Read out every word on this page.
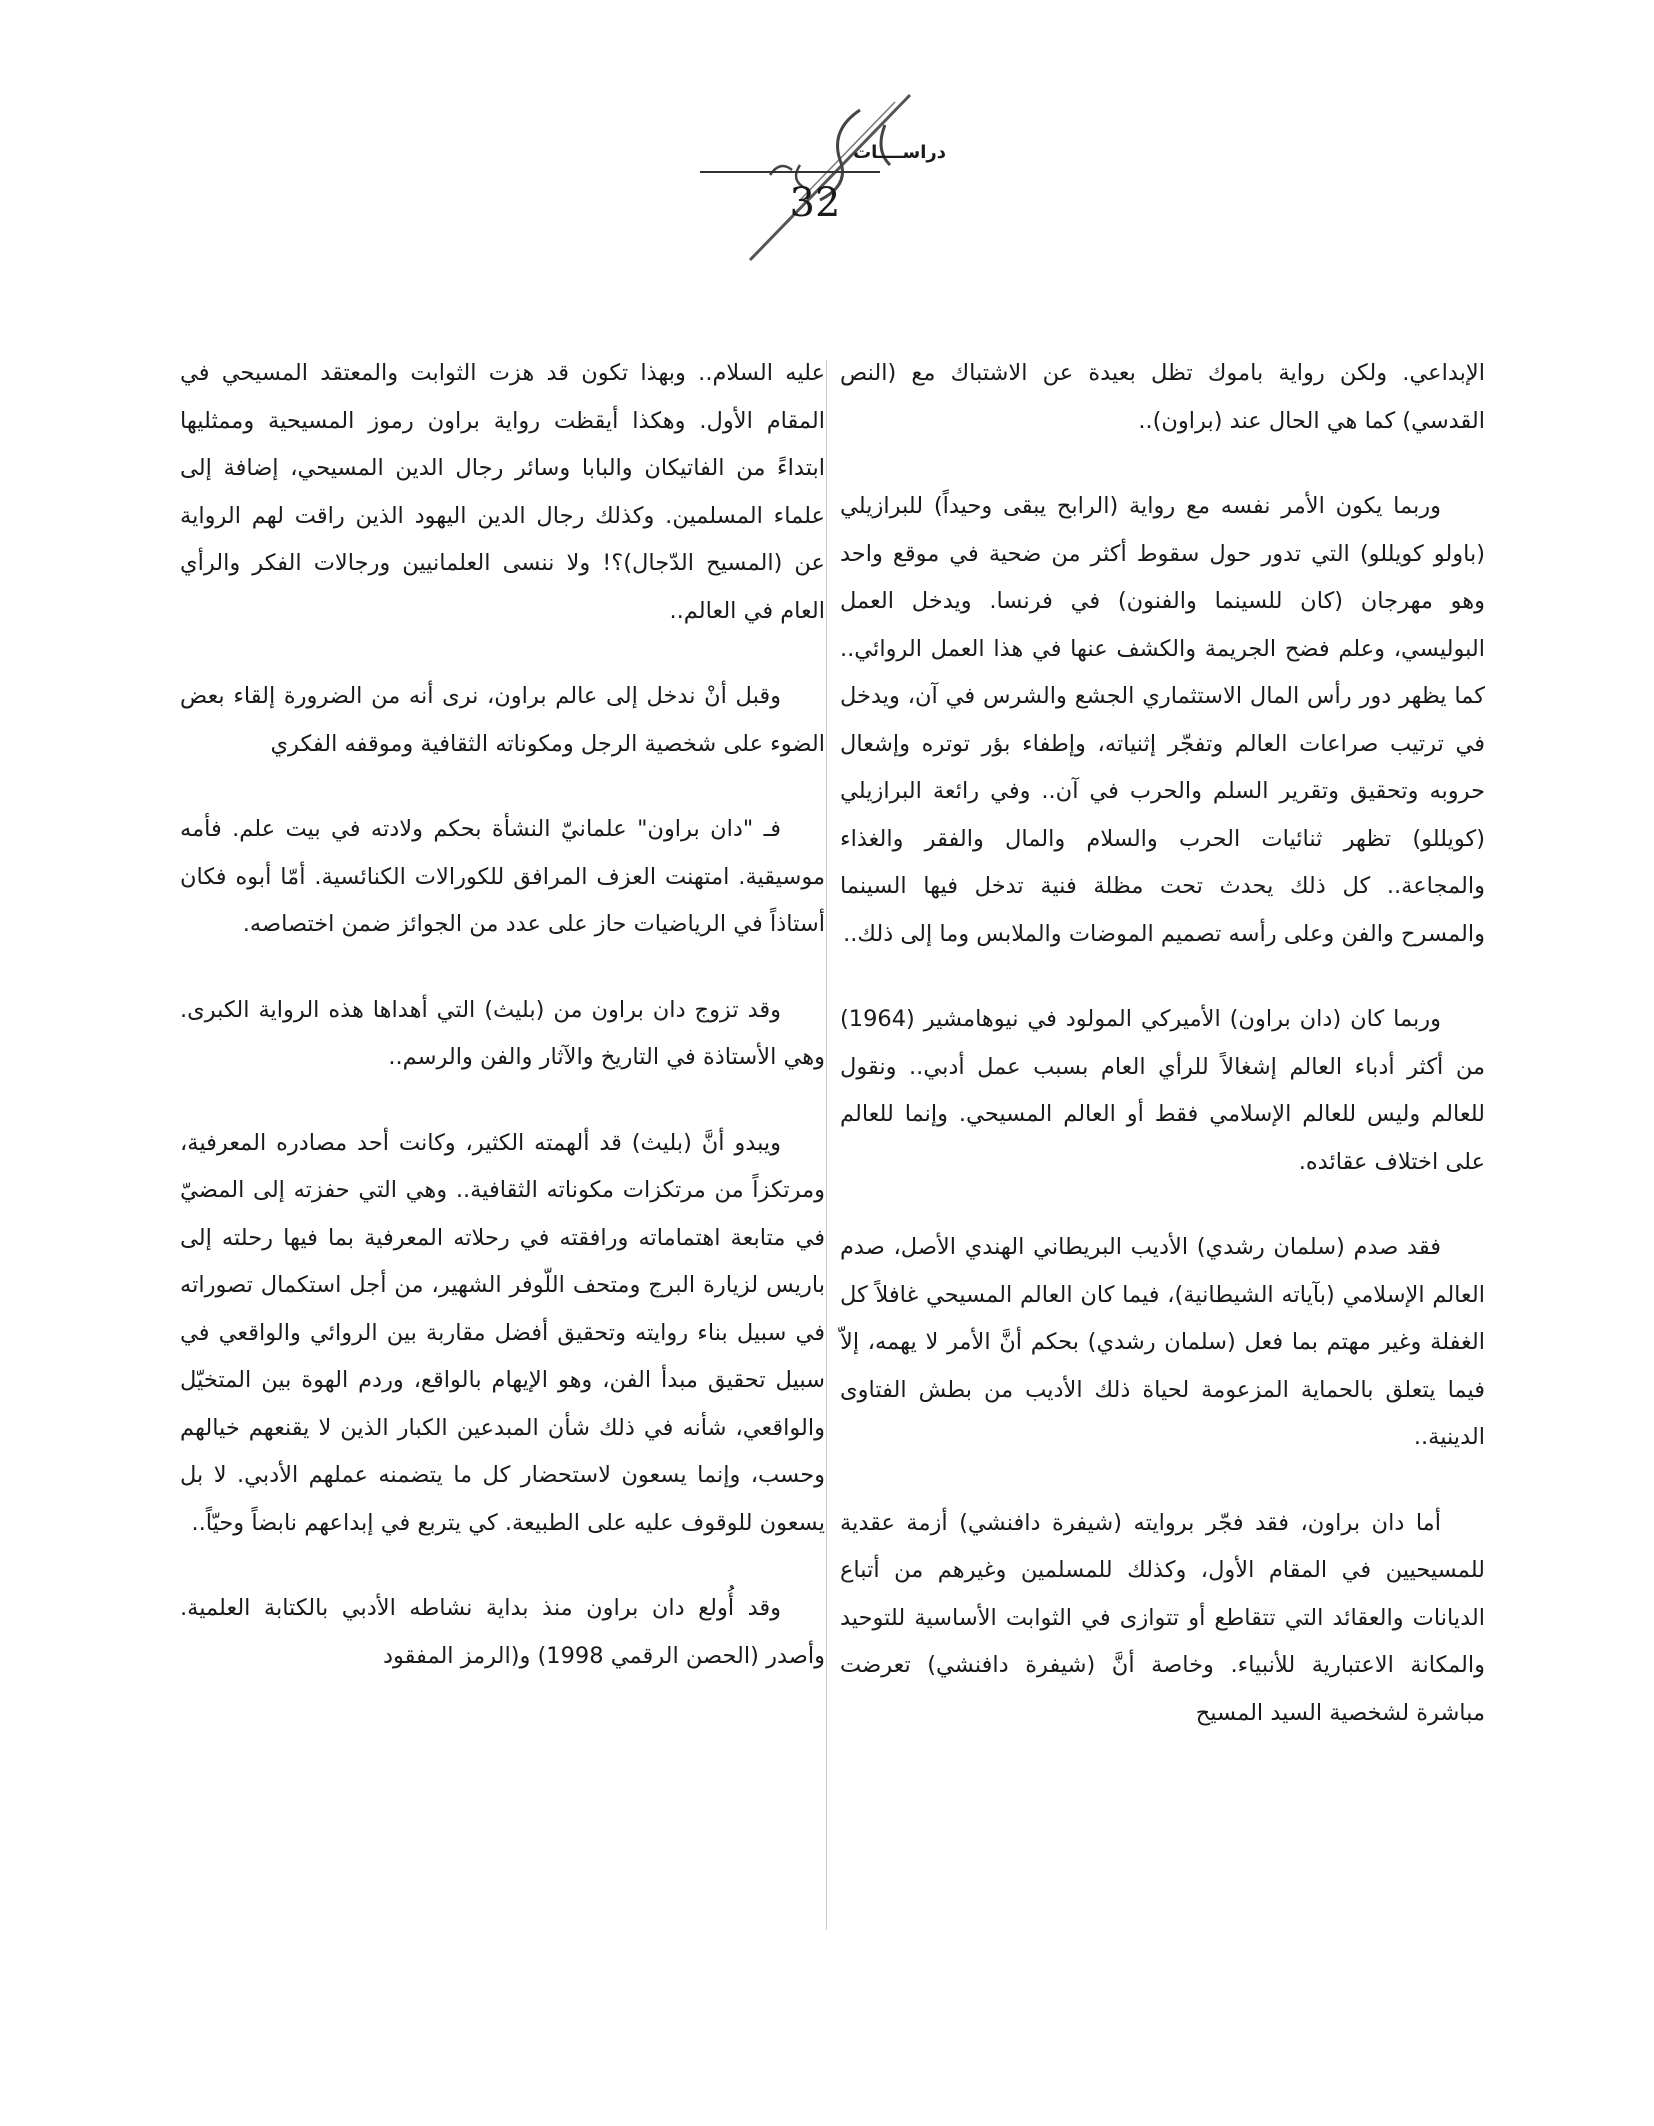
دراســــات
32

الإبداعي. ولكن رواية باموك تظل بعيدة عن الاشتباك مع (النص القدسي) كما هي الحال عند (براون)..

وربما يكون الأمر نفسه مع رواية (الرابح يبقى وحيداً) للبرازيلي (باولو كويللو) التي تدور حول سقوط أكثر من ضحية في موقع واحد وهو مهرجان (كان للسينما والفنون) في فرنسا. ويدخل العمل البوليسي، وعلم فضح الجريمة والكشف عنها في هذا العمل الروائي.. كما يظهر دور رأس المال الاستثماري الجشع والشرس في آن، ويدخل في ترتيب صراعات العالم وتفجّر إثنياته، وإطفاء بؤر توتره وإشعال حروبه وتحقيق وتقرير السلم والحرب في آن.. وفي رائعة البرازيلي (كويللو) تظهر ثنائيات الحرب والسلام والمال والفقر والغذاء والمجاعة.. كل ذلك يحدث تحت مظلة فنية تدخل فيها السينما والمسرح والفن وعلى رأسه تصميم الموضات والملابس وما إلى ذلك..

وربما كان (دان براون) الأميركي المولود في نيوهامشير (1964) من أكثر أدباء العالم إشغالاً للرأي العام بسبب عمل أدبي.. ونقول للعالم وليس للعالم الإسلامي فقط أو العالم المسيحي. وإنما للعالم على اختلاف عقائده.

فقد صدم (سلمان رشدي) الأديب البريطاني الهندي الأصل، صدم العالم الإسلامي (بآياته الشيطانية)، فيما كان العالم المسيحي غافلاً كل الغفلة وغير مهتم بما فعل (سلمان رشدي) بحكم أنَّ الأمر لا يهمه، إلاّ فيما يتعلق بالحماية المزعومة لحياة ذلك الأديب من بطش الفتاوى الدينية..

أما دان براون، فقد فجّر بروايته (شيفرة دافنشي) أزمة عقدية للمسيحيين في المقام الأول، وكذلك للمسلمين وغيرهم من أتباع الديانات والعقائد التي تتقاطع أو تتوازى في الثوابت الأساسية للتوحيد والمكانة الاعتبارية للأنبياء. وخاصة أنَّ (شيفرة دافنشي) تعرضت مباشرة لشخصية السيد المسيح

عليه السلام.. وبهذا تكون قد هزت الثوابت والمعتقد المسيحي في المقام الأول. وهكذا أيقظت رواية براون رموز المسيحية وممثليها ابتداءً من الفاتيكان والبابا وسائر رجال الدين المسيحي، إضافة إلى علماء المسلمين. وكذلك رجال الدين اليهود الذين راقت لهم الرواية عن (المسيح الدّجال)؟! ولا ننسى العلمانيين ورجالات الفكر والرأي العام في العالم..

وقبل أنْ ندخل إلى عالم براون، نرى أنه من الضرورة إلقاء بعض الضوء على شخصية الرجل ومكوناته الثقافية وموقفه الفكري

فـ "دان براون" علمانيّ النشأة بحكم ولادته في بيت علم. فأمه موسيقية. امتهنت العزف المرافق للكورالات الكنائسية. أمّا أبوه فكان أستاذاً في الرياضيات حاز على عدد من الجوائز ضمن اختصاصه.

وقد تزوج دان براون من (بليث) التي أهداها هذه الرواية الكبرى. وهي الأستاذة في التاريخ والآثار والفن والرسم..

ويبدو أنَّ (بليث) قد ألهمته الكثير، وكانت أحد مصادره المعرفية، ومرتكزاً من مرتكزات مكوناته الثقافية.. وهي التي حفزته إلى المضيّ في متابعة اهتماماته ورافقته في رحلاته المعرفية بما فيها رحلته إلى باريس لزيارة البرج ومتحف اللّوفر الشهير، من أجل استكمال تصوراته في سبيل بناء روايته وتحقيق أفضل مقاربة بين الروائي والواقعي في سبيل تحقيق مبدأ الفن، وهو الإيهام بالواقع، وردم الهوة بين المتخيّل والواقعي، شأنه في ذلك شأن المبدعين الكبار الذين لا يقنعهم خيالهم وحسب، وإنما يسعون لاستحضار كل ما يتضمنه عملهم الأدبي. لا بل يسعون للوقوف عليه على الطبيعة. كي يتربع في إبداعهم نابضاً وحيّاً..

وقد أُولع دان براون منذ بداية نشاطه الأدبي بالكتابة العلمية. وأصدر (الحصن الرقمي 1998) و(الرمز المفقود
